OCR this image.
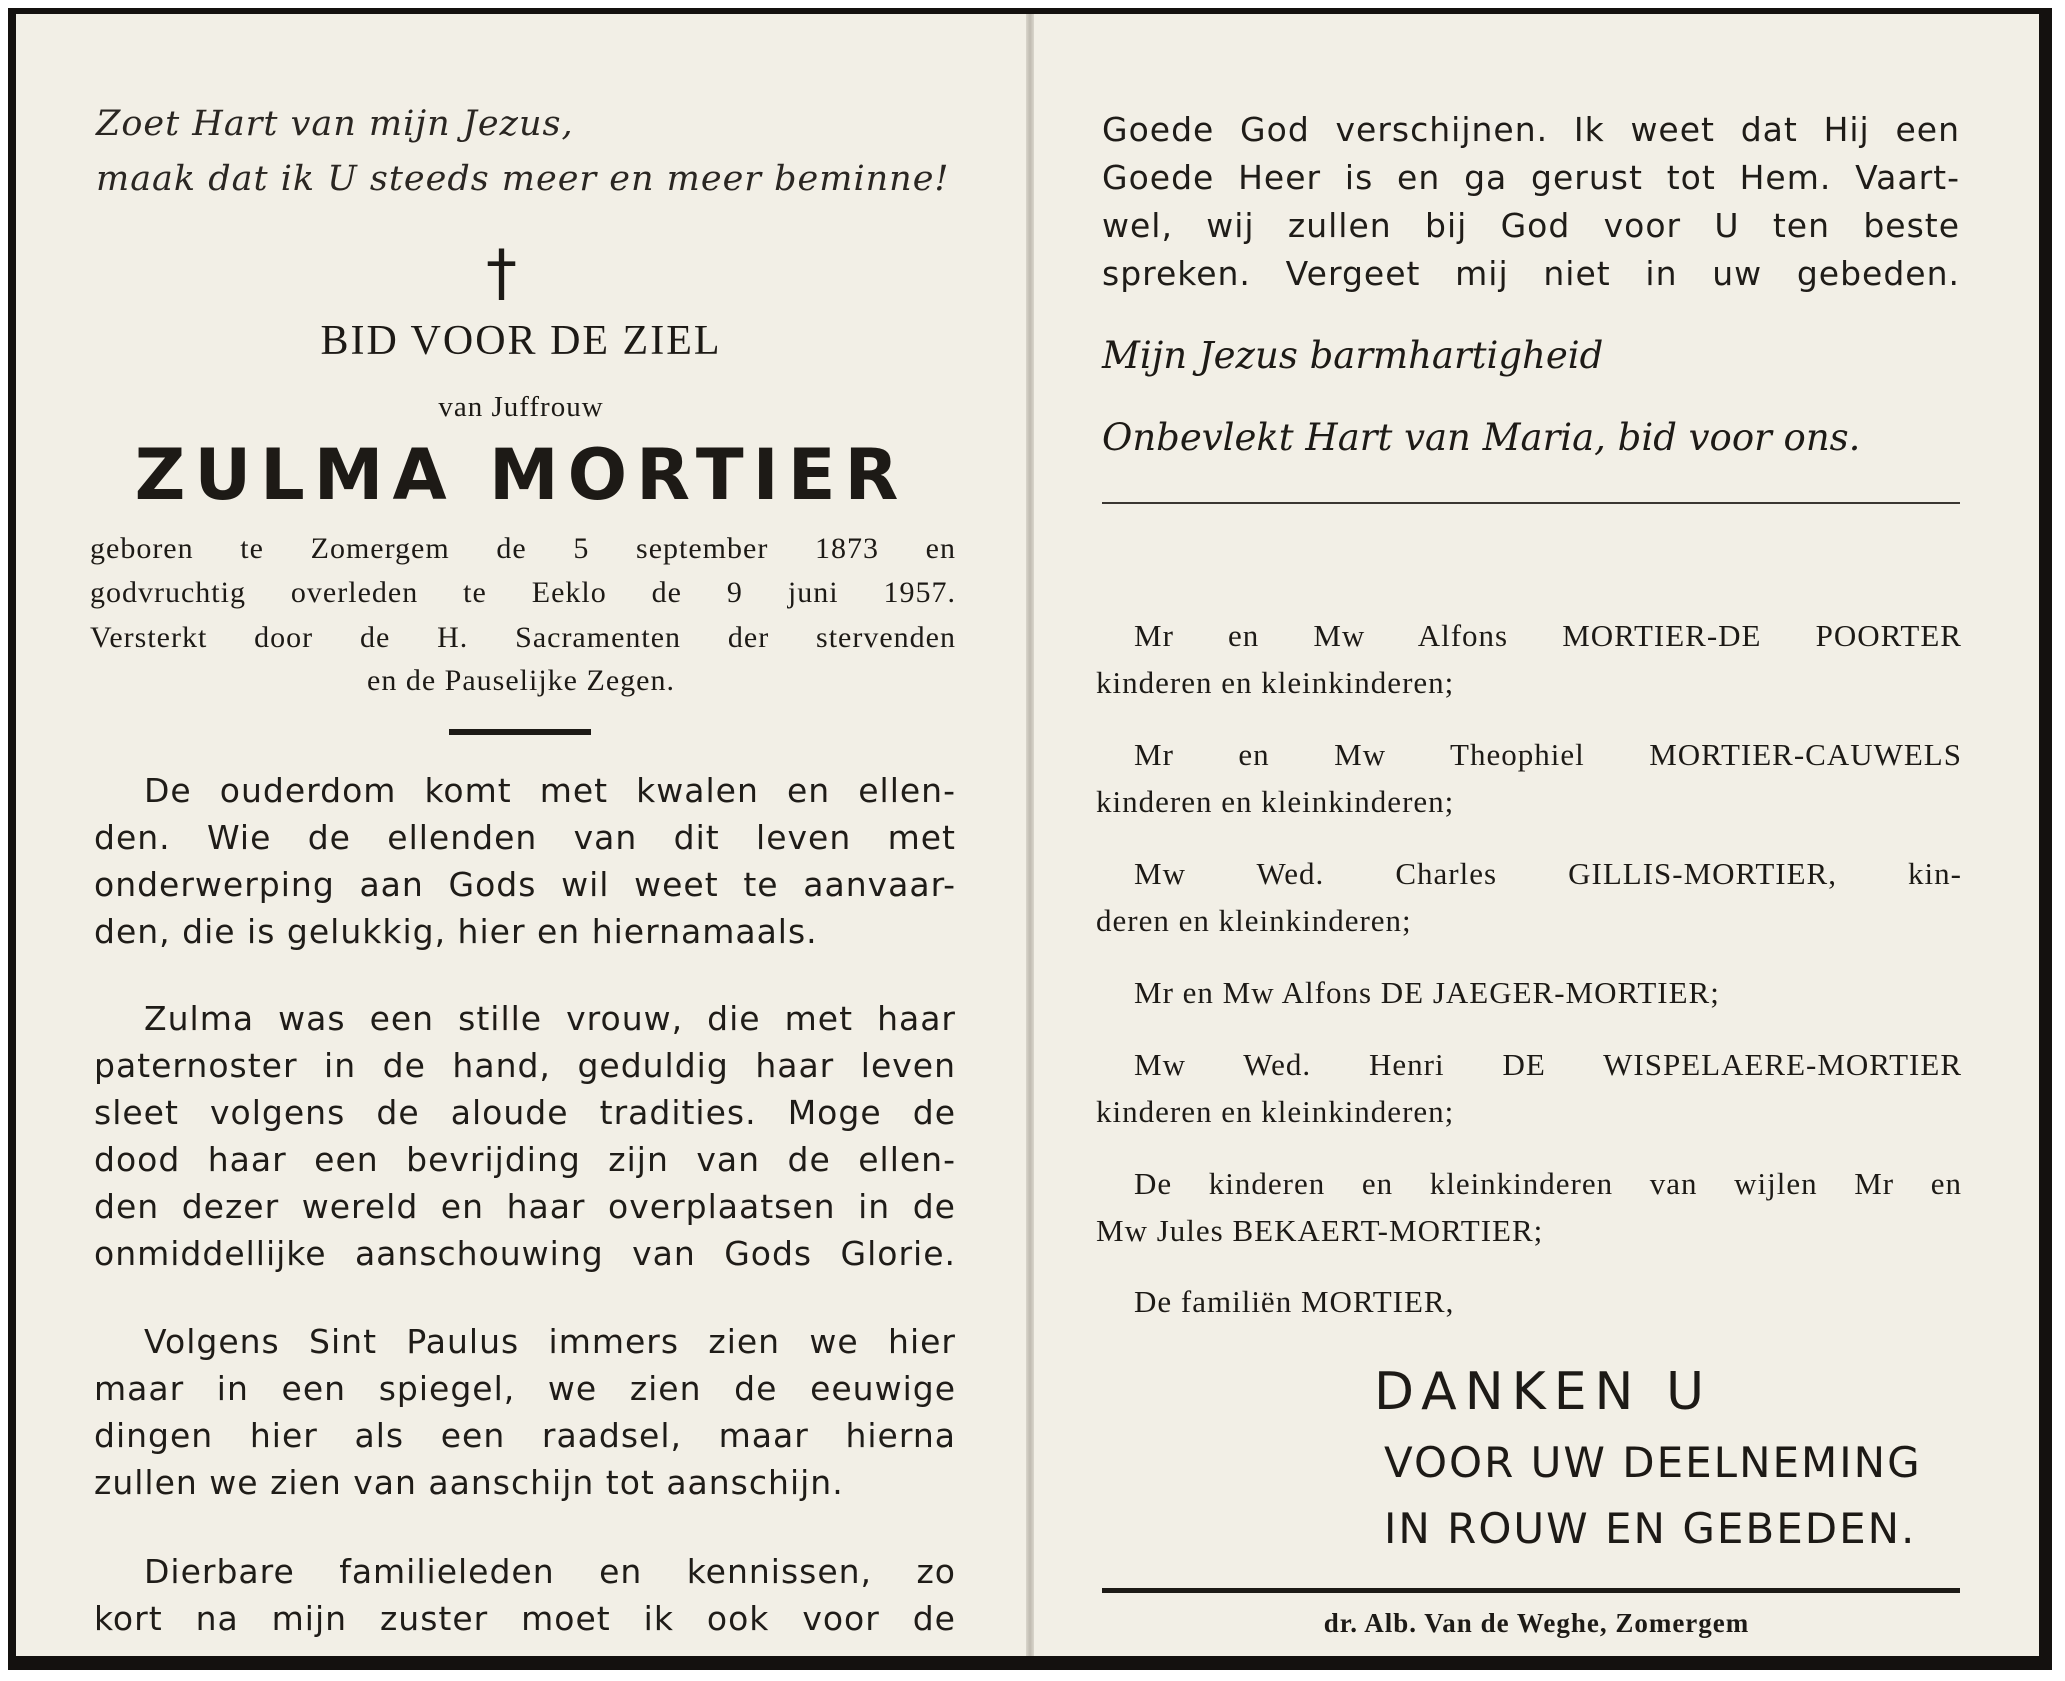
Zoet Hart van mijn Jezus,

maak dat ik U steeds meer en meer beminne!

†

BID VOOR DE ZIEL

van Juffrouw

ZULMA MORTIER

geboren te Zomergem de 5 september 1873 en

godvruchtig overleden te Eeklo de 9 juni 1957.

Versterkt door de H. Sacramenten der stervenden

en de Pauselijke Zegen.

De ouderdom komt met kwalen en ellen-

den. Wie de ellenden van dit leven met

onderwerping aan Gods wil weet te aanvaar-

den, die is gelukkig, hier en hiernamaals.

Zulma was een stille vrouw, die met haar

paternoster in de hand, geduldig haar leven

sleet volgens de aloude tradities. Moge de

dood haar een bevrijding zijn van de ellen-

den dezer wereld en haar overplaatsen in de

onmiddellijke aanschouwing van Gods Glorie.

Volgens Sint Paulus immers zien we hier

maar in een spiegel, we zien de eeuwige

dingen hier als een raadsel, maar hierna

zullen we zien van aanschijn tot aanschijn.

Dierbare familieleden en kennissen, zo

kort na mijn zuster moet ik ook voor de

Goede God verschijnen. Ik weet dat Hij een

Goede Heer is en ga gerust tot Hem. Vaart-

wel, wij zullen bij God voor U ten beste

spreken. Vergeet mij niet in uw gebeden.

Mijn Jezus barmhartigheid

Onbevlekt Hart van Maria, bid voor ons.

Mr en Mw Alfons MORTIER-DE POORTER

kinderen en kleinkinderen;

Mr en Mw Theophiel MORTIER-CAUWELS

kinderen en kleinkinderen;

Mw Wed. Charles GILLIS-MORTIER, kin-

deren en kleinkinderen;

Mr en Mw Alfons DE JAEGER-MORTIER;

Mw Wed. Henri DE WISPELAERE-MORTIER

kinderen en kleinkinderen;

De kinderen en kleinkinderen van wijlen Mr en

Mw Jules BEKAERT-MORTIER;

De familiën MORTIER,

DANKEN U

VOOR UW DEELNEMING

IN ROUW EN GEBEDEN.

dr. Alb. Van de Weghe, Zomergem
